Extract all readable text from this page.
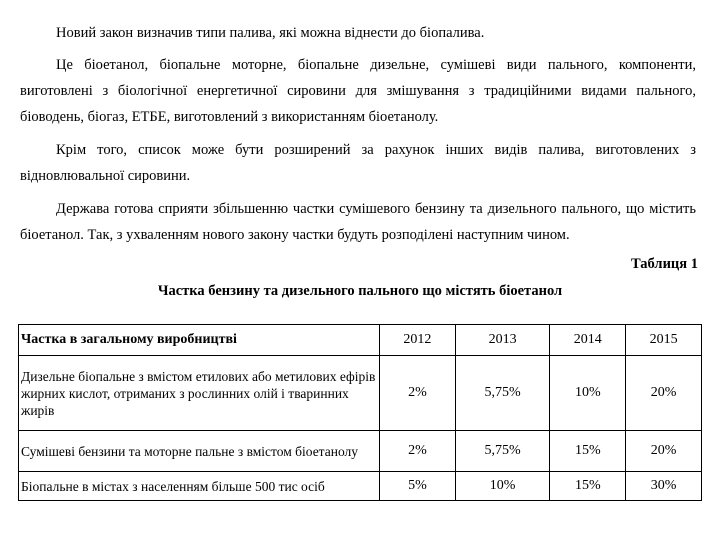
Новий закон визначив типи палива, які можна віднести до біопалива.

Це біоетанол, біопальне моторне, біопальне дизельне, сумішеві види пального, компоненти, виготовлені з біологічної енергетичної сировини для змішування з традиційними видами пального, біоводень, біогаз, ЕТБЕ, виготовлений з використанням біоетанолу.

Крім того, список може бути розширений за рахунок інших видів палива, виготовлених з відновлювальної сировини.

Держава готова сприяти збільшенню частки сумішевого бензину та дизельного пального, що містить біоетанол. Так, з ухваленням нового закону частки будуть розподілені наступним чином.

Таблиця 1

Частка бензину та дизельного пального що містять біоетанол

Частка в загальному виробництві	2012	2013	2014	2015
Дизельне біопальне з вмістом етилових або метилових ефірів жирних кислот, отриманих з рослинних олій і тваринних жирів	2%	5,75%	10%	20%
Сумішеві бензини та моторне пальне з вмістом біоетанолу	2%	5,75%	15%	20%
Біопальне в містах з населенням більше 500 тис осіб	5%	10%	15%	30%
